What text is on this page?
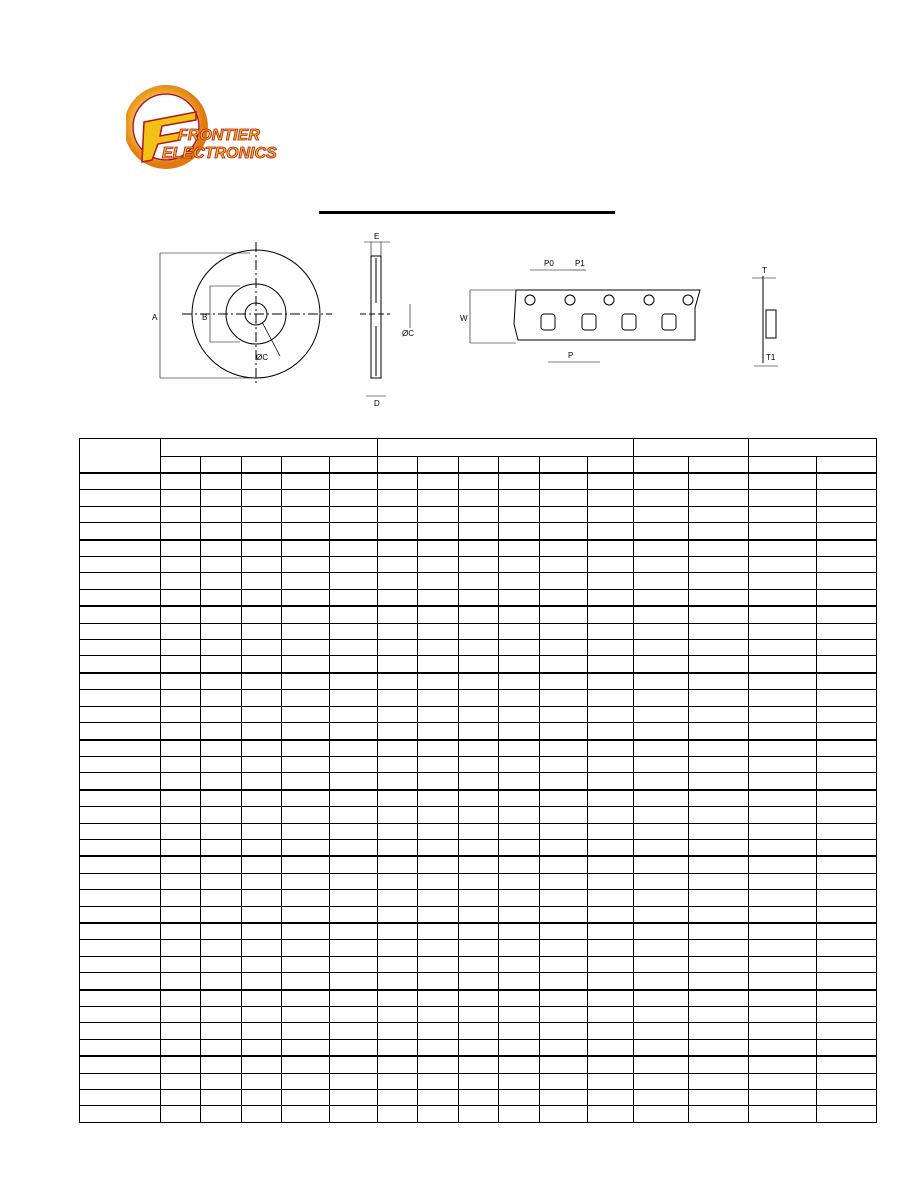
FRONTIER
ELECTRONICS
A	B
ØC
E
D
ØC
P0	P1
W
P
T
T1
